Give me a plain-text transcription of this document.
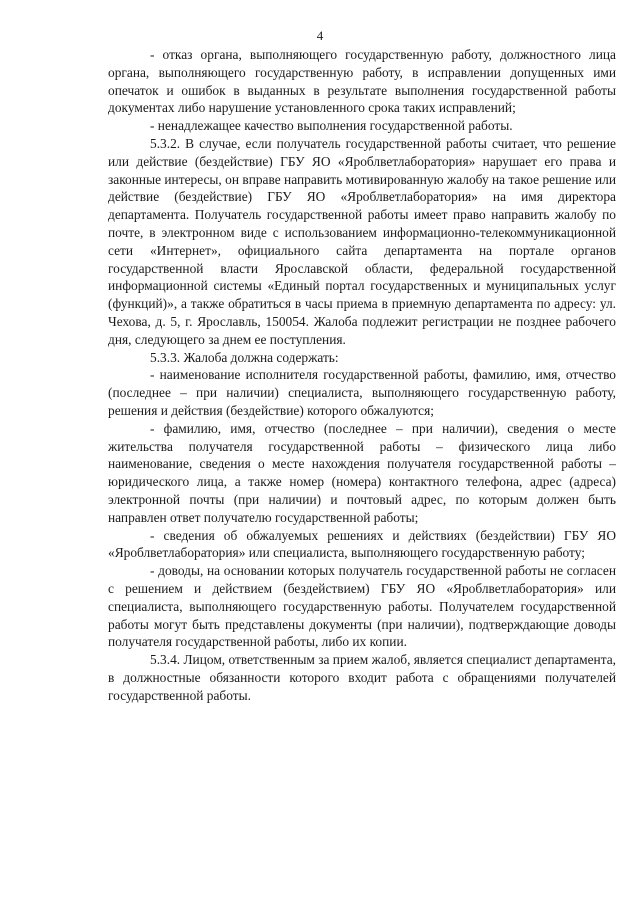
4

- отказ органа, выполняющего государственную работу, должностного лица органа, выполняющего государственную работу, в исправлении допущенных ими опечаток и ошибок в выданных в результате выполнения государственной работы документах либо нарушение установленного срока таких исправлений;

- ненадлежащее качество выполнения государственной работы.

5.3.2. В случае, если получатель государственной работы считает, что решение или действие (бездействие) ГБУ ЯО «Яроблветлаборатория» нарушает его права и законные интересы, он вправе направить мотивированную жалобу на такое решение или действие (бездействие) ГБУ ЯО «Яроблветлаборатория» на имя директора департамента. Получатель государственной работы имеет право направить жалобу по почте, в электронном виде с использованием информационно-телекоммуникационной сети «Интернет», официального сайта департамента на портале органов государственной власти Ярославской области, федеральной государственной информационной системы «Единый портал государственных и муниципальных услуг (функций)», а также обратиться в часы приема в приемную департамента по адресу: ул. Чехова, д. 5, г. Ярославль, 150054. Жалоба подлежит регистрации не позднее рабочего дня, следующего за днем ее поступления.

5.3.3. Жалоба должна содержать:

- наименование исполнителя государственной работы, фамилию, имя, отчество (последнее – при наличии) специалиста, выполняющего государственную работу, решения и действия (бездействие) которого обжалуются;

- фамилию, имя, отчество (последнее – при наличии), сведения о месте жительства получателя государственной работы – физического лица либо наименование, сведения о месте нахождения получателя государственной работы – юридического лица, а также номер (номера) контактного телефона, адрес (адреса) электронной почты (при наличии) и почтовый адрес, по которым должен быть направлен ответ получателю государственной работы;

- сведения об обжалуемых решениях и действиях (бездействии) ГБУ ЯО «Яроблветлаборатория» или специалиста, выполняющего государственную работу;

- доводы, на основании которых получатель государственной работы не согласен с решением и действием (бездействием) ГБУ ЯО «Яроблветлаборатория» или специалиста, выполняющего государственную работы. Получателем государственной работы могут быть представлены документы (при наличии), подтверждающие доводы получателя государственной работы, либо их копии.

5.3.4. Лицом, ответственным за прием жалоб, является специалист департамента, в должностные обязанности которого входит работа с обращениями получателей государственной работы.
